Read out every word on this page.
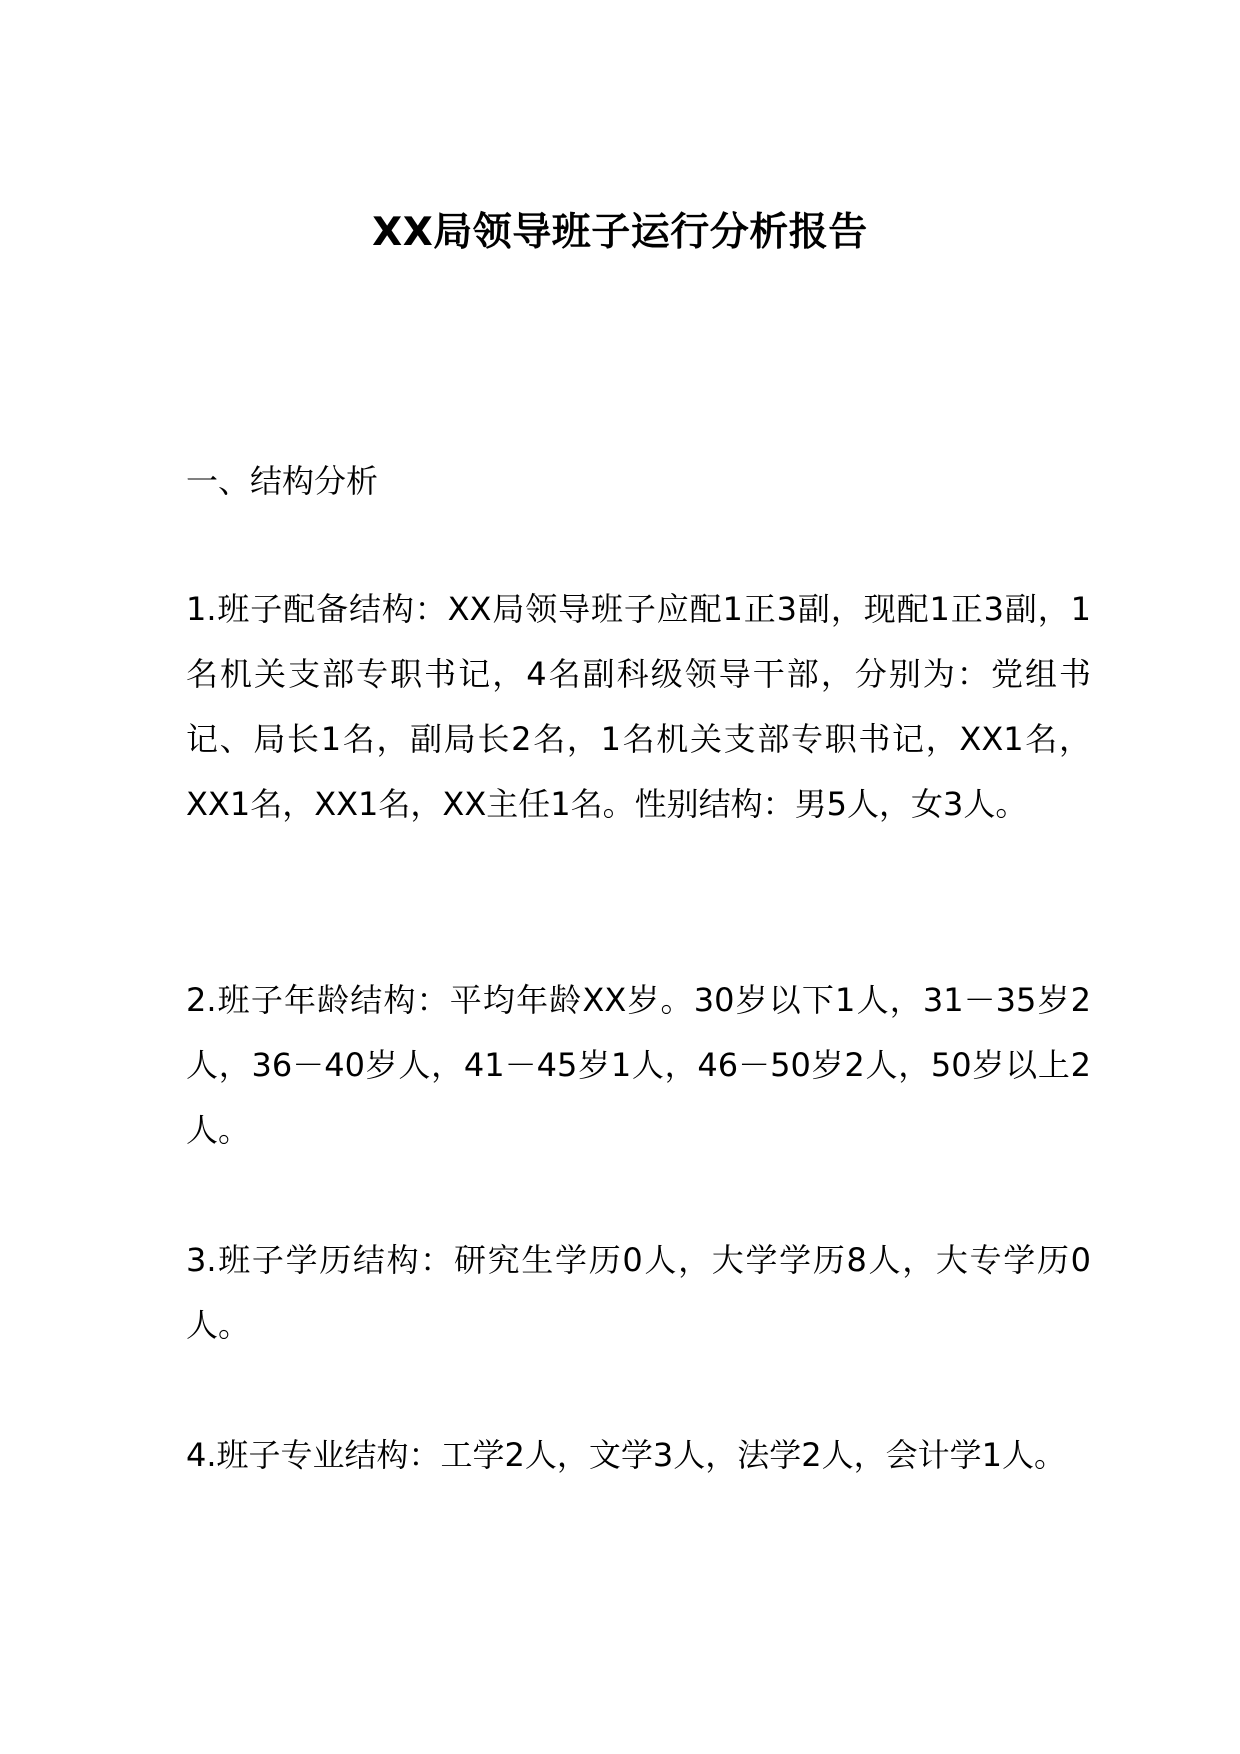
XX局领导班子运行分析报告
一、结构分析
1.班子配备结构：XX局领导班子应配1正3副，现配1正3副，1名机关支部专职书记，4名副科级领导干部，分别为：党组书记、局长1名，副局长2名，1名机关支部专职书记，XX1名，XX1名，XX1名，XX主任1名。性别结构：男5人，女3人。
2.班子年龄结构：平均年龄XX岁。30岁以下1人，31－35岁2人，36－40岁人，41－45岁1人，46－50岁2人，50岁以上2人。
3.班子学历结构：研究生学历0人，大学学历8人，大专学历0人。
4.班子专业结构：工学2人，文学3人，法学2人，会计学1人。
